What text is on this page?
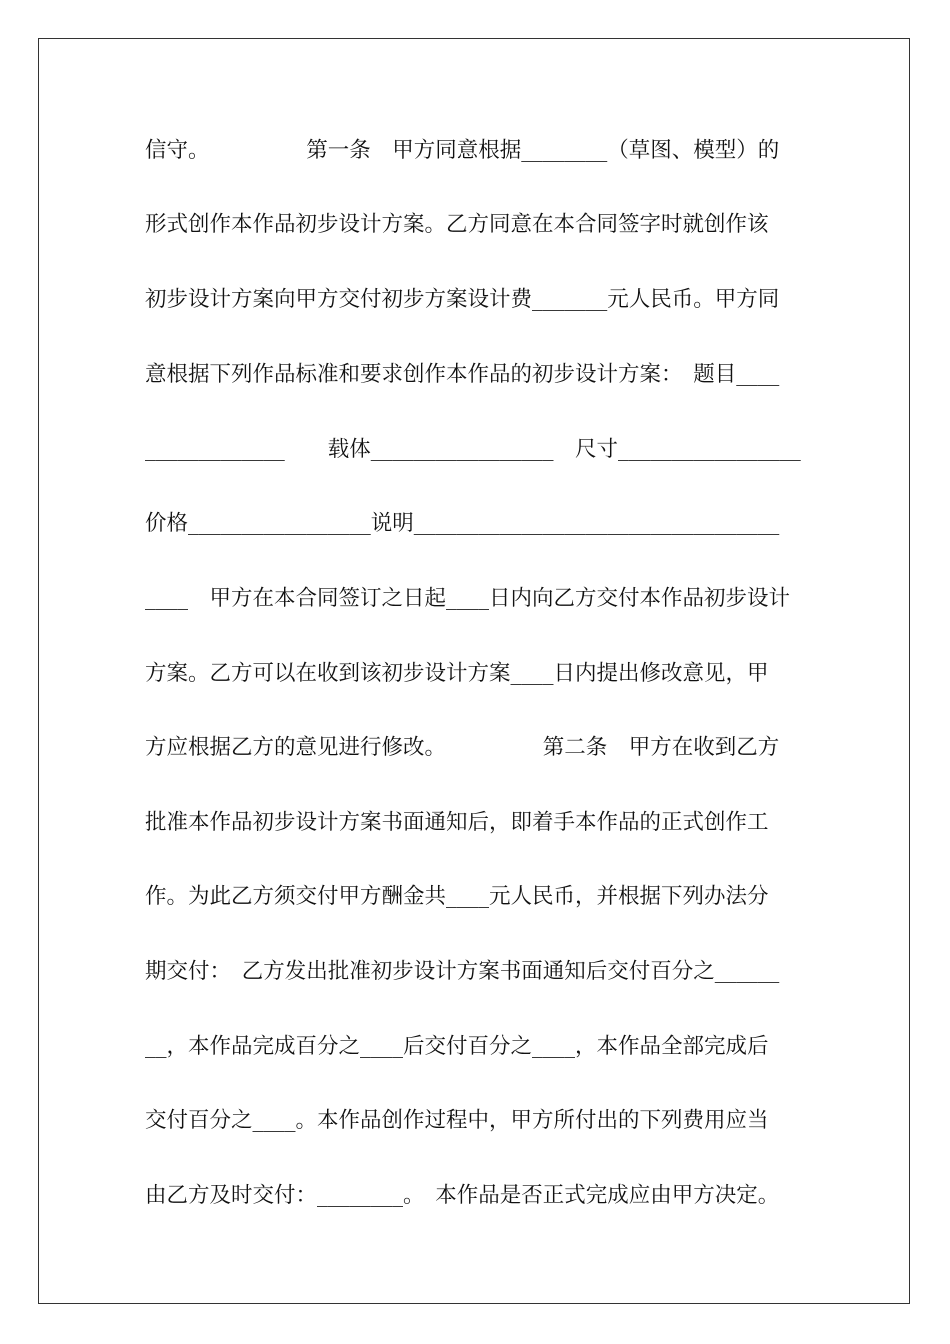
信守。　　　　　第一条　甲方同意根据________（草图、模型）的
形式创作本作品初步设计方案。乙方同意在本合同签字时就创作该
初步设计方案向甲方交付初步方案设计费_______元人民币。甲方同
意根据下列作品标准和要求创作本作品的初步设计方案：　题目____
_____________　　载体_________________　尺寸_________________
价格_________________说明__________________________________
____　甲方在本合同签订之日起____日内向乙方交付本作品初步设计
方案。乙方可以在收到该初步设计方案____日内提出修改意见，甲
方应根据乙方的意见进行修改。　　　　　第二条　甲方在收到乙方
批准本作品初步设计方案书面通知后，即着手本作品的正式创作工
作。为此乙方须交付甲方酬金共____元人民币，并根据下列办法分
期交付：　乙方发出批准初步设计方案书面通知后交付百分之______
__，本作品完成百分之____后交付百分之____，本作品全部完成后
交付百分之____。本作品创作过程中，甲方所付出的下列费用应当
由乙方及时交付：________。　本作品是否正式完成应由甲方决定。
